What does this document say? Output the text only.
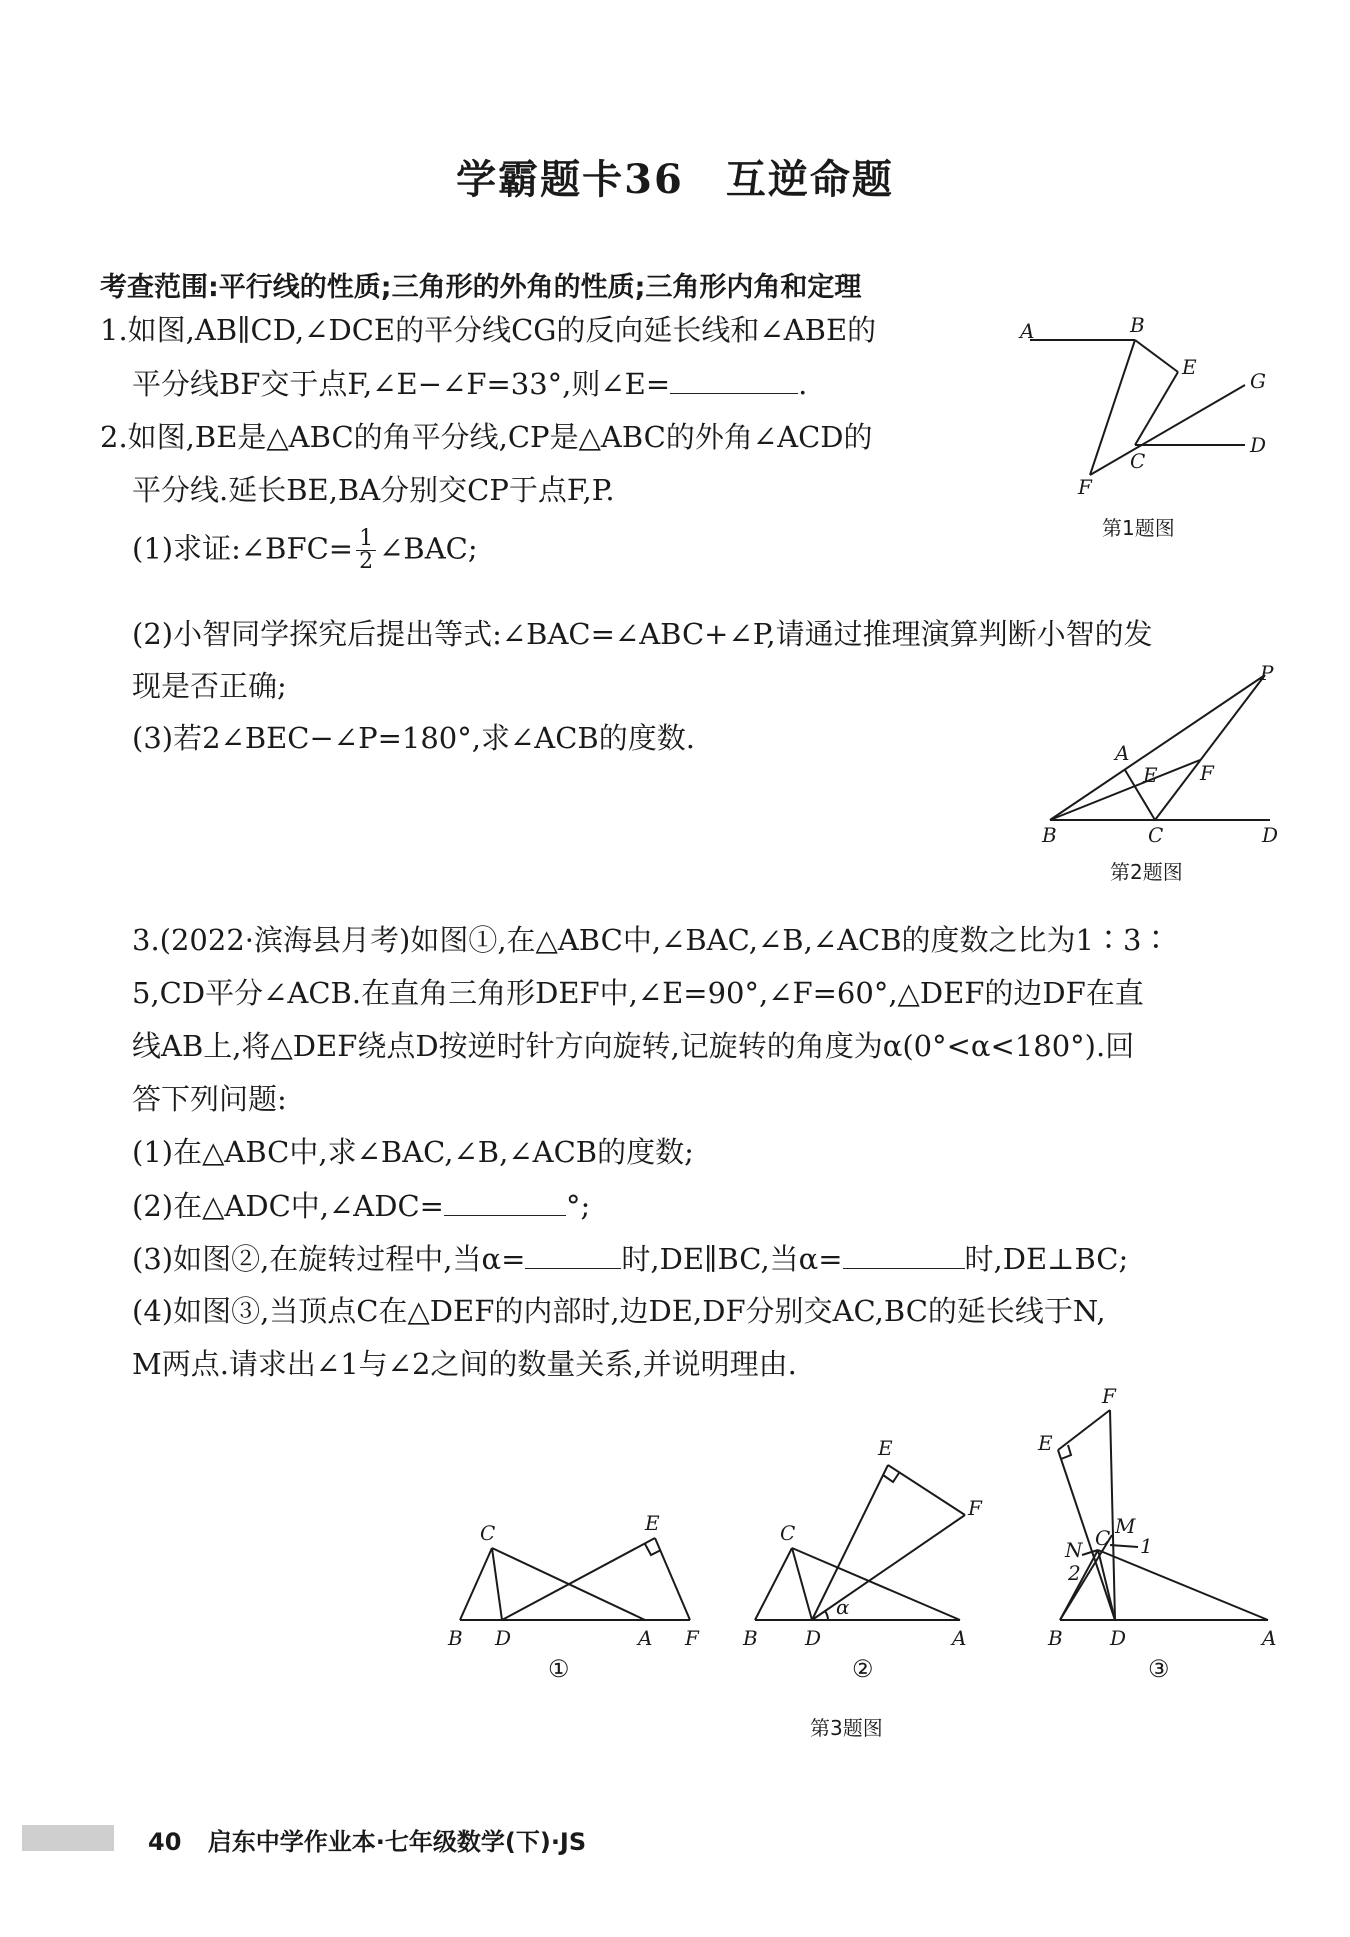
学霸题卡36　互逆命题
考查范围:平行线的性质;三角形的外角的性质;三角形内角和定理
1.如图,AB∥CD,∠DCE的平分线CG的反向延长线和∠ABE的
平分线BF交于点F,∠E−∠F=33°,则∠E=	.
2.如图,BE是△ABC的角平分线,CP是△ABC的外角∠ACD的
平分线.延长BE,BA分别交CP于点F,P.
(1)求证:∠BFC= $\frac{1}{2}$ ∠BAC;
(2)小智同学探究后提出等式:∠BAC=∠ABC+∠P,请通过推理演算判断小智的发
现是否正确;
(3)若2∠BEC−∠P=180°,求∠ACB的度数.
3.(2022·滨海县月考)如图①,在△ABC中,∠BAC,∠B,∠ACB的度数之比为1∶3∶
5,CD平分∠ACB.在直角三角形DEF中,∠E=90°,∠F=60°,△DEF的边DF在直
线AB上,将△DEF绕点D按逆时针方向旋转,记旋转的角度为α(0°<α<180°).回
答下列问题:
(1)在△ABC中,求∠BAC,∠B,∠ACB的度数;
(2)在△ADC中,∠ADC=	°;
(3)如图②,在旋转过程中,当α=	时,DE∥BC,当α=	时,DE⊥BC;
(4)如图③,当顶点C在△DEF的内部时,边DE,DF分别交AC,BC的延长线于N,
M两点.请求出∠1与∠2之间的数量关系,并说明理由.
A	B
E
G
C
D
F
第1题图
P
A
E F
B	C	D
第2题图
C	E
B D	A F
①
C
E
F
B D	A
α
②
F
E
M
N C 1
2
B D	A
③
第3题图
40 启东中学作业本·七年级数学(下)·JS
